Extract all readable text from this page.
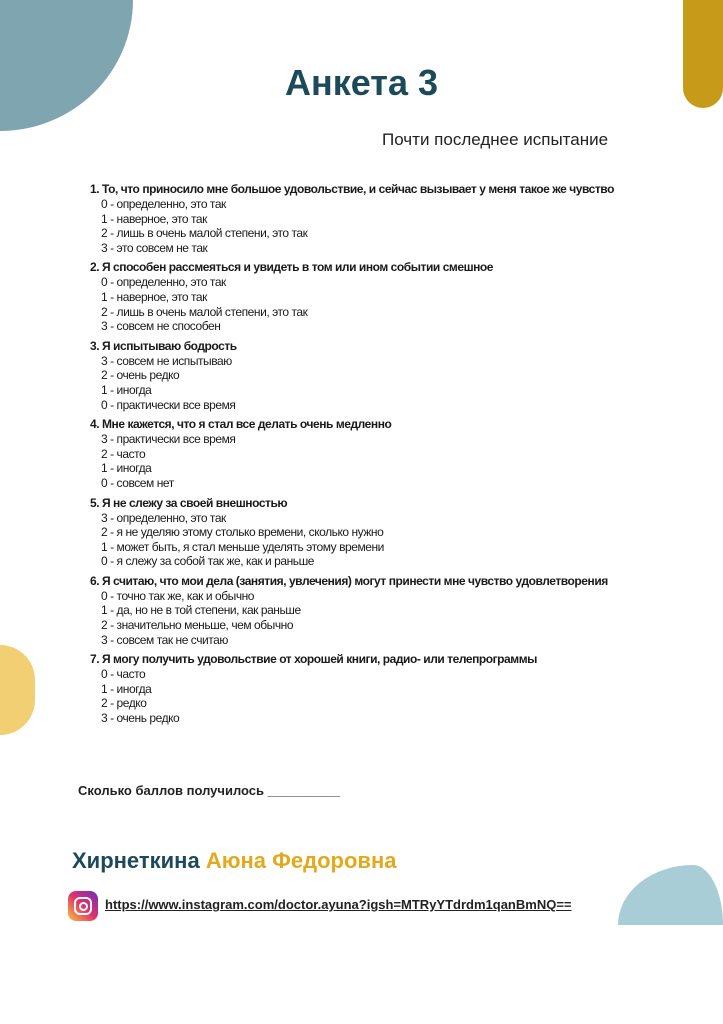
Анкета 3
Почти последнее испытание
1. То, что приносило мне большое удовольствие, и сейчас вызывает у меня такое же чувство
0 - определенно, это так
1 - наверное, это так
2 - лишь в очень малой степени, это так
3 - это совсем не так
2. Я способен рассмеяться и увидеть в том или ином событии смешное
0 - определенно, это так
1 - наверное, это так
2 - лишь в очень малой степени, это так
3 - совсем не способен
3. Я испытываю бодрость
3 - совсем не испытываю
2 - очень редко
1 - иногда
0 - практически все время
4. Мне кажется, что я стал все делать очень медленно
3 - практически все время
2 - часто
1 - иногда
0 - совсем нет
5. Я не слежу за своей внешностью
3 - определенно, это так
2 - я не уделяю этому столько времени, сколько нужно
1 - может быть, я стал меньше уделять этому времени
0 - я слежу за собой так же, как и раньше
6. Я считаю, что мои дела (занятия, увлечения) могут принести мне чувство удовлетворения
0 - точно так же, как и обычно
1 - да, но не в той степени, как раньше
2 - значительно меньше, чем обычно
3 - совсем так не считаю
7. Я могу получить удовольствие от хорошей книги, радио- или телепрограммы
0 - часто
1 - иногда
2 - редко
3 - очень редко
Сколько баллов получилось __________
Хирнеткина Аюна Федоровна
https://www.instagram.com/doctor.ayuna?igsh=MTRyYTdrdm1qanBmNQ==
